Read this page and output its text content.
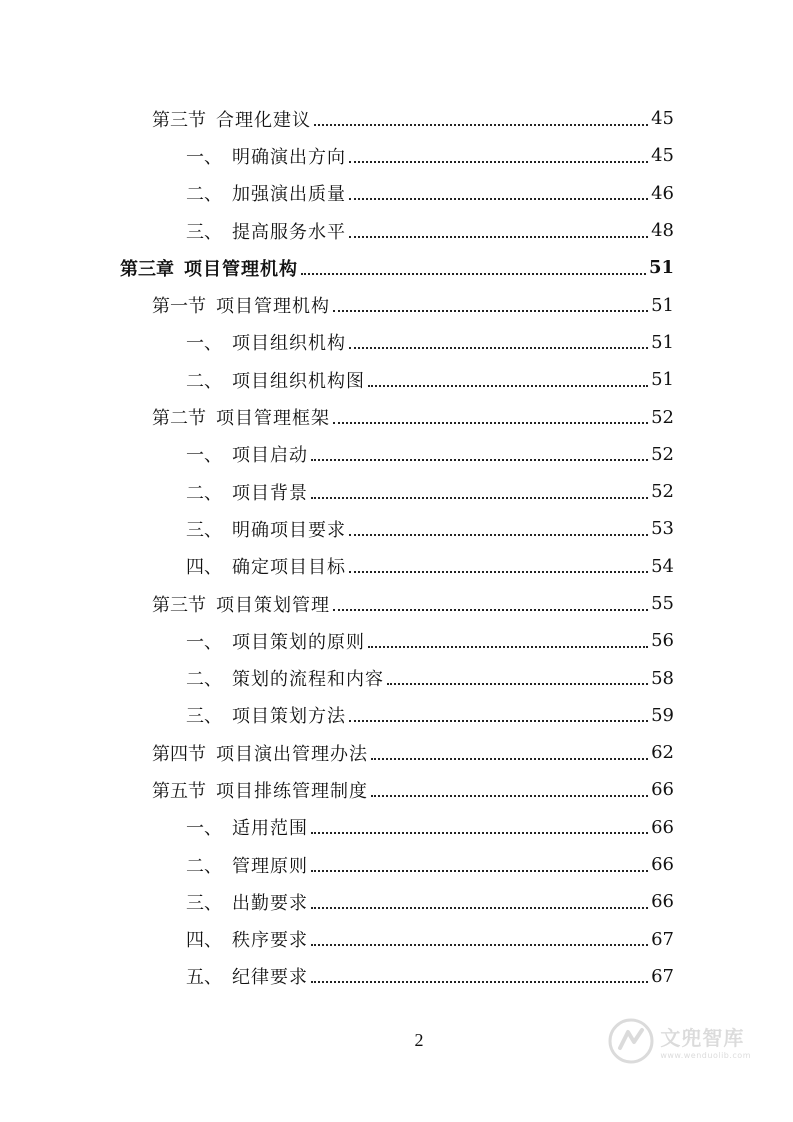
第三节 合理化建议	45
一、 明确演出方向	45
二、 加强演出质量	46
三、 提高服务水平	48
第三章 项目管理机构	51
第一节 项目管理机构	51
一、 项目组织机构	51
二、 项目组织机构图	51
第二节 项目管理框架	52
一、 项目启动	52
二、 项目背景	52
三、 明确项目要求	53
四、 确定项目目标	54
第三节 项目策划管理	55
一、 项目策划的原则	56
二、 策划的流程和内容	58
三、 项目策划方法	59
第四节 项目演出管理办法	62
第五节 项目排练管理制度	66
一、 适用范围	66
二、 管理原则	66
三、 出勤要求	66
四、 秩序要求	67
五、 纪律要求	67
2	文兜智库
www.wenduolib.com
